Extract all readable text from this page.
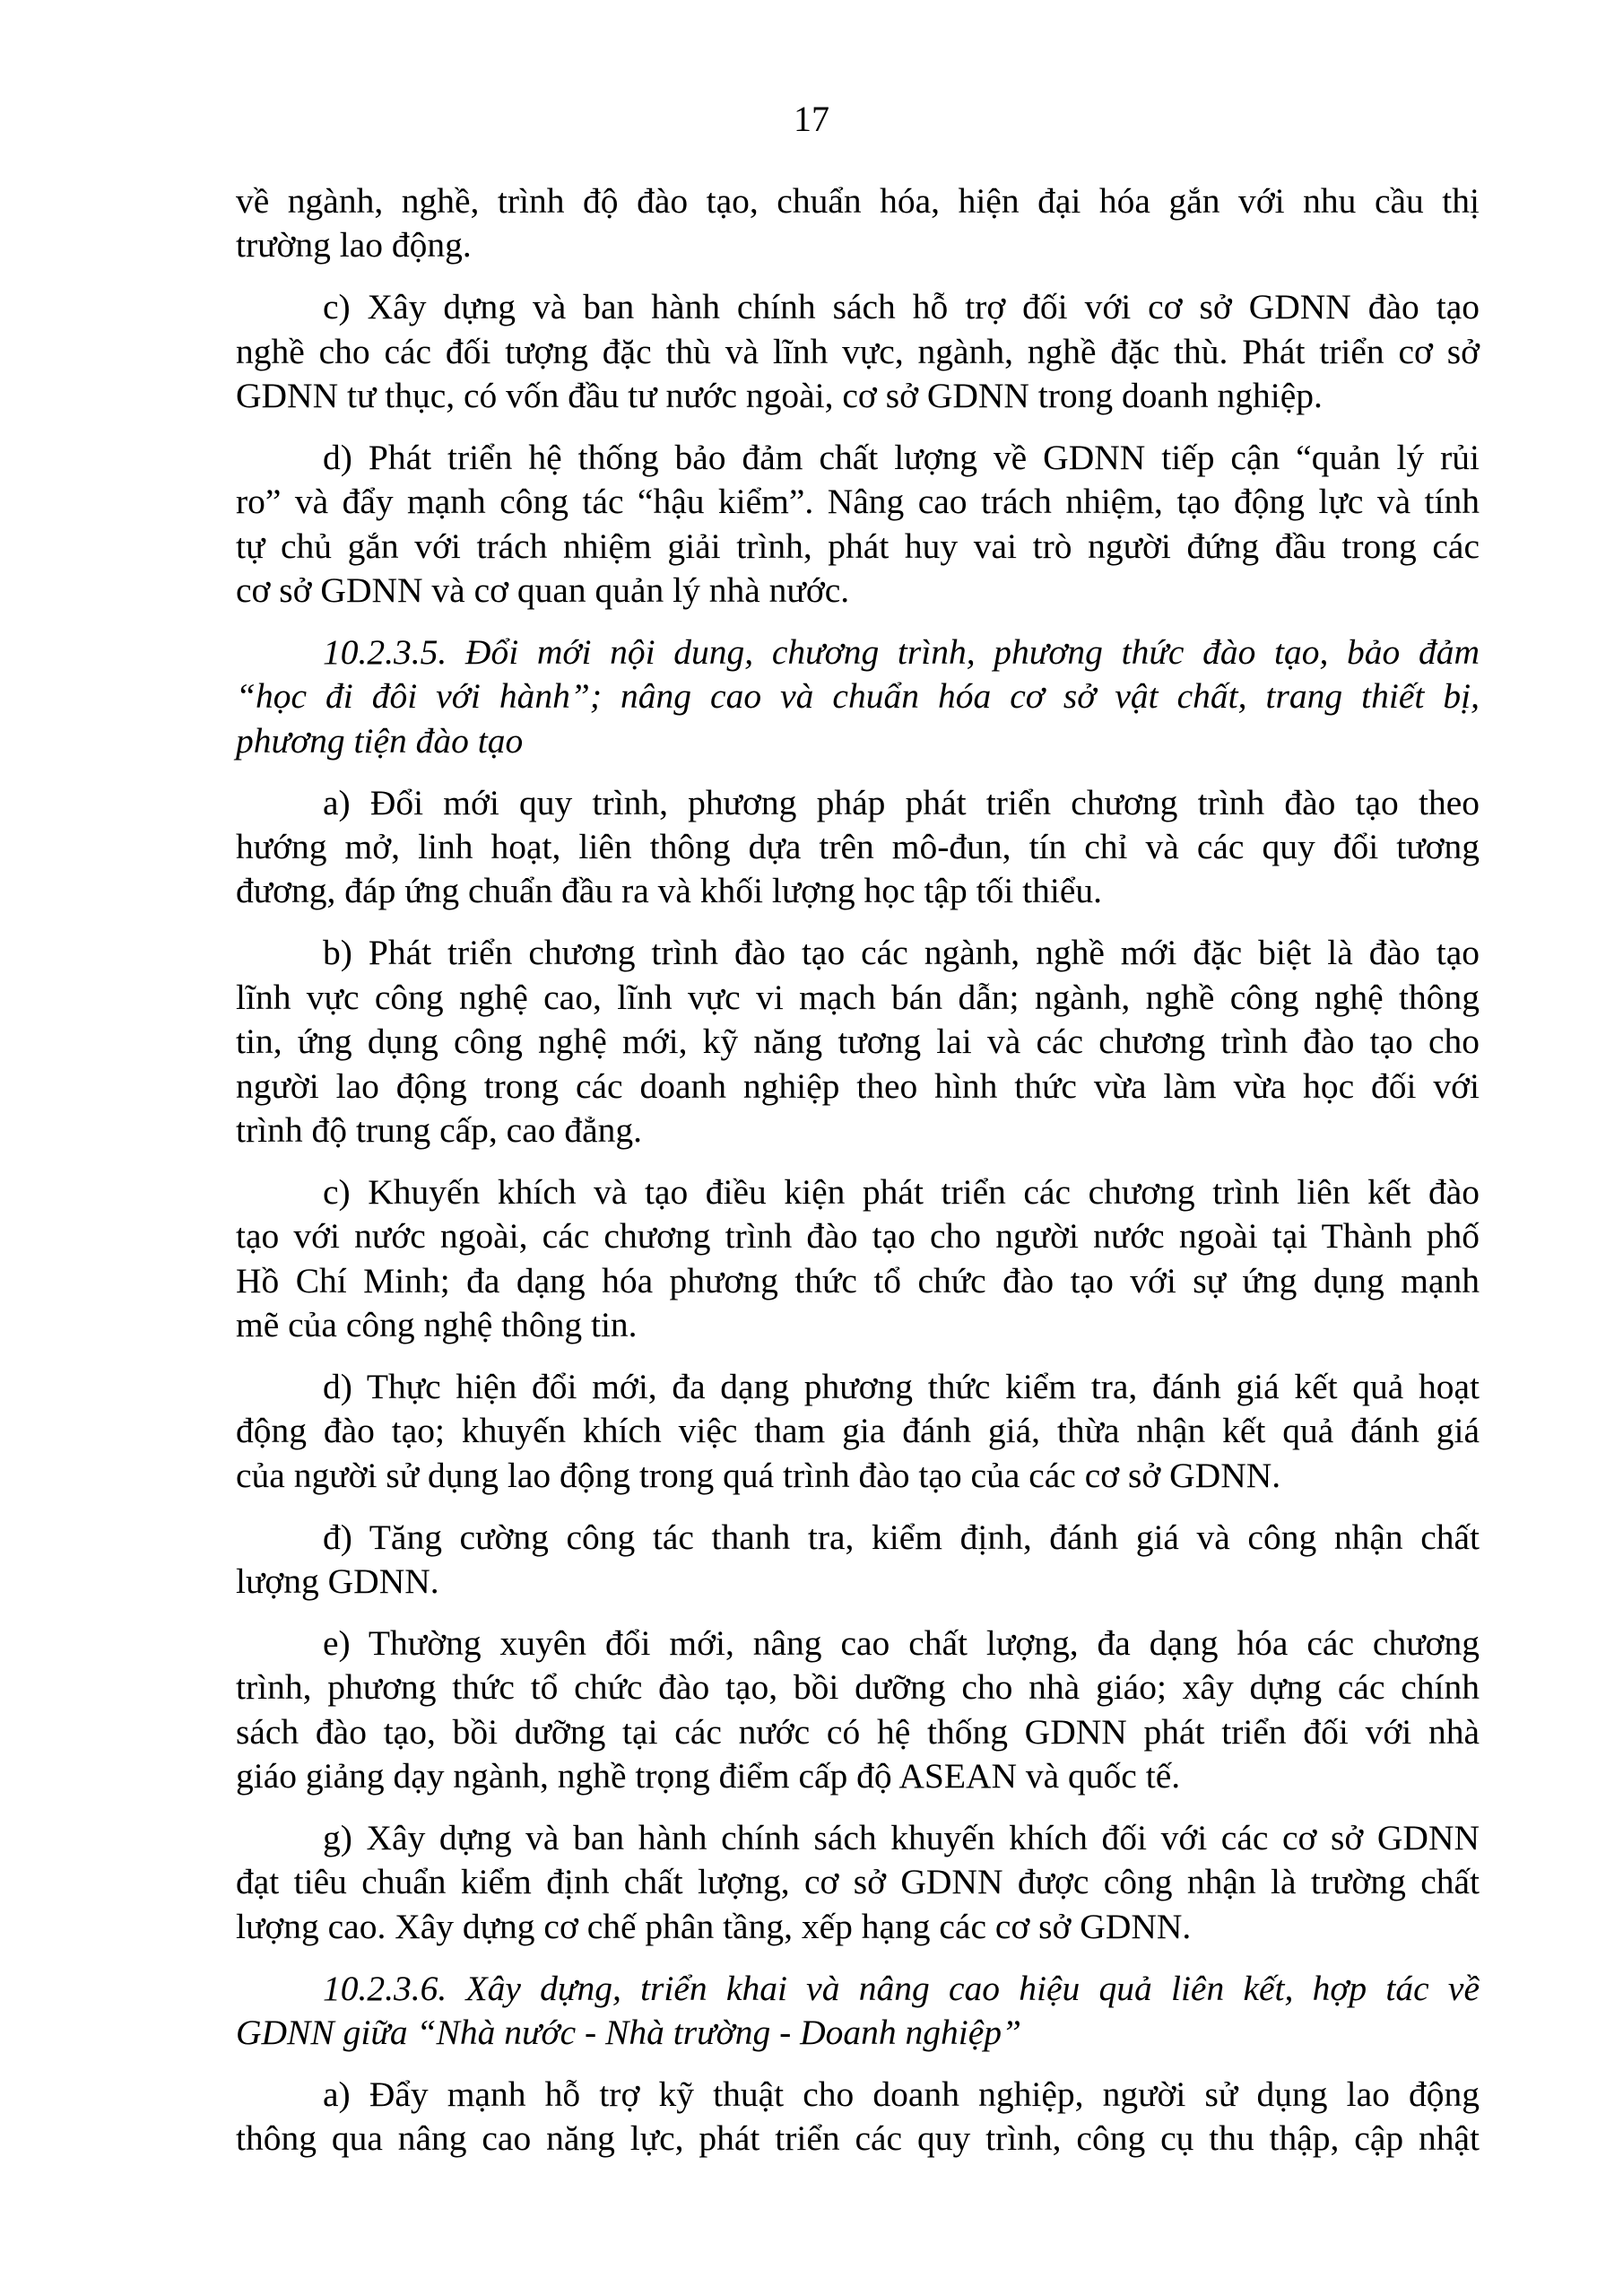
17
về ngành, nghề, trình độ đào tạo, chuẩn hóa, hiện đại hóa gắn với nhu cầu thị
trường lao động.
c) Xây dựng và ban hành chính sách hỗ trợ đối với cơ sở GDNN đào tạo
nghề cho các đối tượng đặc thù và lĩnh vực, ngành, nghề đặc thù. Phát triển cơ sở
GDNN tư thục, có vốn đầu tư nước ngoài, cơ sở GDNN trong doanh nghiệp.
d) Phát triển hệ thống bảo đảm chất lượng về GDNN tiếp cận “quản lý rủi
ro” và đẩy mạnh công tác “hậu kiểm”. Nâng cao trách nhiệm, tạo động lực và tính
tự chủ gắn với trách nhiệm giải trình, phát huy vai trò người đứng đầu trong các
cơ sở GDNN và cơ quan quản lý nhà nước.
10.2.3.5. Đổi mới nội dung, chương trình, phương thức đào tạo, bảo đảm
“học đi đôi với hành”; nâng cao và chuẩn hóa cơ sở vật chất, trang thiết bị,
phương tiện đào tạo
a) Đổi mới quy trình, phương pháp phát triển chương trình đào tạo theo
hướng mở, linh hoạt, liên thông dựa trên mô-đun, tín chỉ và các quy đổi tương
đương, đáp ứng chuẩn đầu ra và khối lượng học tập tối thiểu.
b) Phát triển chương trình đào tạo các ngành, nghề mới đặc biệt là đào tạo
lĩnh vực công nghệ cao, lĩnh vực vi mạch bán dẫn; ngành, nghề công nghệ thông
tin, ứng dụng công nghệ mới, kỹ năng tương lai và các chương trình đào tạo cho
người lao động trong các doanh nghiệp theo hình thức vừa làm vừa học đối với
trình độ trung cấp, cao đẳng.
c) Khuyến khích và tạo điều kiện phát triển các chương trình liên kết đào
tạo với nước ngoài, các chương trình đào tạo cho người nước ngoài tại Thành phố
Hồ Chí Minh; đa dạng hóa phương thức tổ chức đào tạo với sự ứng dụng mạnh
mẽ của công nghệ thông tin.
d) Thực hiện đổi mới, đa dạng phương thức kiểm tra, đánh giá kết quả hoạt
động đào tạo; khuyến khích việc tham gia đánh giá, thừa nhận kết quả đánh giá
của người sử dụng lao động trong quá trình đào tạo của các cơ sở GDNN.
đ) Tăng cường công tác thanh tra, kiểm định, đánh giá và công nhận chất
lượng GDNN.
e) Thường xuyên đổi mới, nâng cao chất lượng, đa dạng hóa các chương
trình, phương thức tổ chức đào tạo, bồi dưỡng cho nhà giáo; xây dựng các chính
sách đào tạo, bồi dưỡng tại các nước có hệ thống GDNN phát triển đối với nhà
giáo giảng dạy ngành, nghề trọng điểm cấp độ ASEAN và quốc tế.
g) Xây dựng và ban hành chính sách khuyến khích đối với các cơ sở GDNN
đạt tiêu chuẩn kiểm định chất lượng, cơ sở GDNN được công nhận là trường chất
lượng cao. Xây dựng cơ chế phân tầng, xếp hạng các cơ sở GDNN.
10.2.3.6. Xây dựng, triển khai và nâng cao hiệu quả liên kết, hợp tác về
GDNN giữa “Nhà nước - Nhà trường - Doanh nghiệp”
a) Đẩy mạnh hỗ trợ kỹ thuật cho doanh nghiệp, người sử dụng lao động
thông qua nâng cao năng lực, phát triển các quy trình, công cụ thu thập, cập nhật
